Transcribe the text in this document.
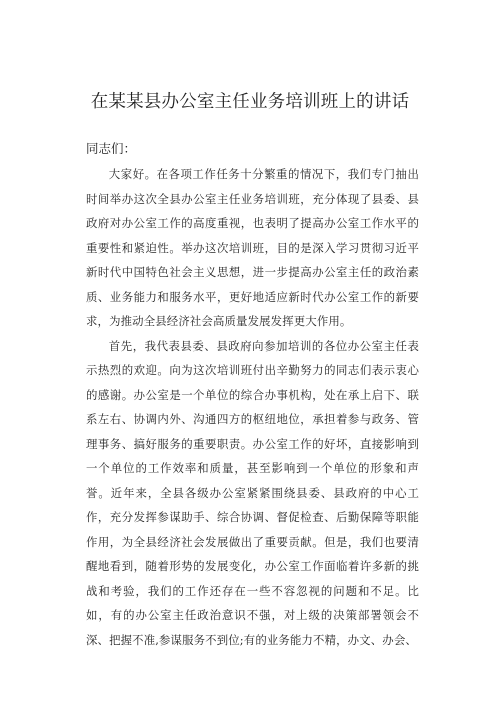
在某某县办公室主任业务培训班上的讲话

同志们：

大家好。在各项工作任务十分繁重的情况下，我们专门抽出时间举办这次全县办公室主任业务培训班，充分体现了县委、县政府对办公室工作的高度重视，也表明了提高办公室工作水平的重要性和紧迫性。举办这次培训班，目的是深入学习贯彻习近平新时代中国特色社会主义思想，进一步提高办公室主任的政治素质、业务能力和服务水平，更好地适应新时代办公室工作的新要求，为推动全县经济社会高质量发展发挥更大作用。

首先，我代表县委、县政府向参加培训的各位办公室主任表示热烈的欢迎。向为这次培训班付出辛勤努力的同志们表示衷心的感谢。办公室是一个单位的综合办事机构，处在承上启下、联系左右、协调内外、沟通四方的枢纽地位，承担着参与政务、管理事务、搞好服务的重要职责。办公室工作的好坏，直接影响到一个单位的工作效率和质量，甚至影响到一个单位的形象和声誉。近年来，全县各级办公室紧紧围绕县委、县政府的中心工作，充分发挥参谋助手、综合协调、督促检查、后勤保障等职能作用，为全县经济社会发展做出了重要贡献。但是，我们也要清醒地看到，随着形势的发展变化，办公室工作面临着许多新的挑战和考验，我们的工作还存在一些不容忽视的问题和不足。比如，有的办公室主任政治意识不强，对上级的决策部署领会不深、把握不准,参谋服务不到位;有的业务能力不精，办文、办会、
